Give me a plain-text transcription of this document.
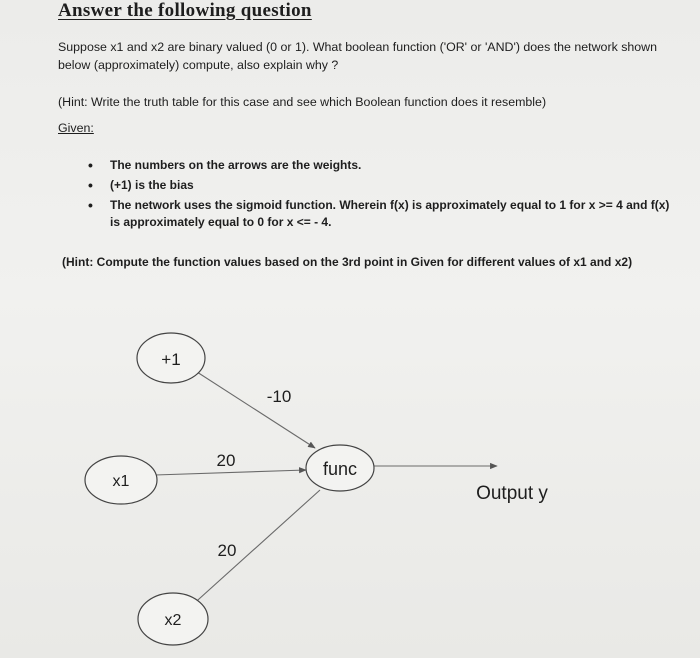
Answer the following question
Suppose x1 and x2 are binary valued (0 or 1). What boolean function ('OR' or 'AND') does the network shown below (approximately) compute, also explain why ?
(Hint: Write the truth table for this case and see which Boolean function does it resemble)
Given:
• The numbers on the arrows are the weights.
• (+1) is the bias
• The network uses the sigmoid function. Wherein f(x) is approximately equal to 1 for x >= 4 and f(x) is approximately equal to 0 for x <= - 4.
(Hint: Compute the function values based on the 3rd point in Given for different values of x1 and x2)
+1
x1
x2
func
-10
20
20
Output y
